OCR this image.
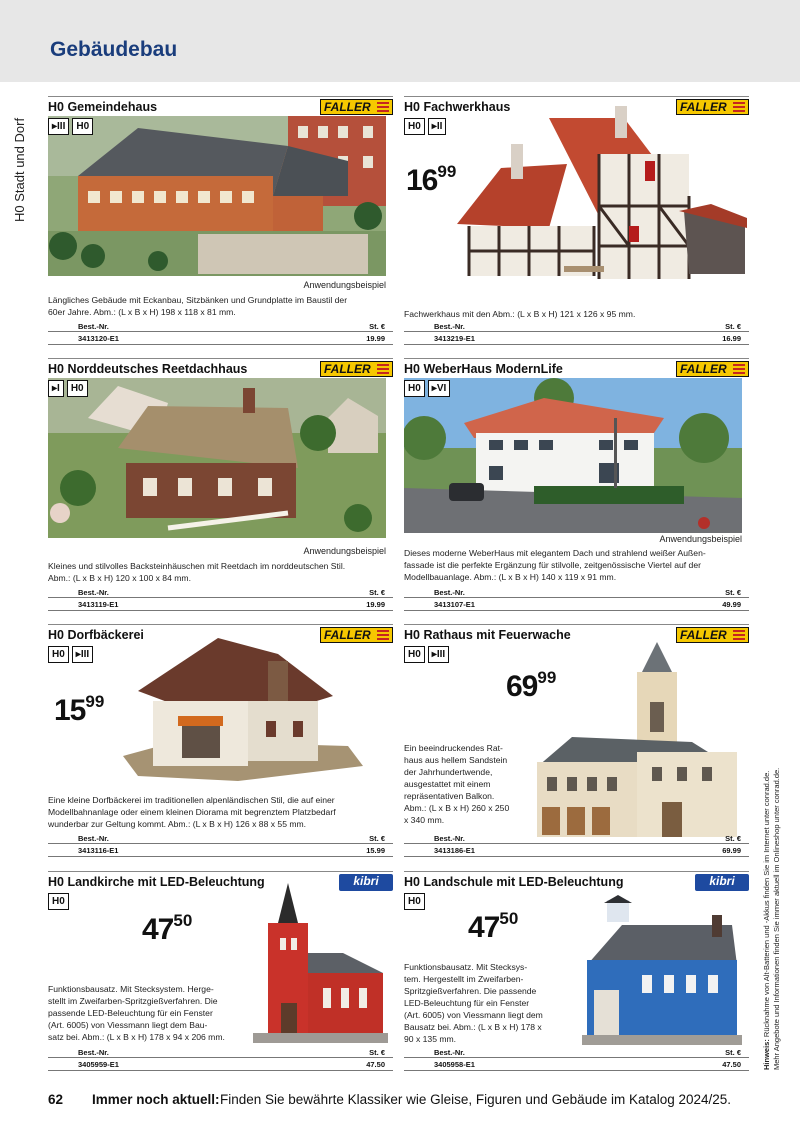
Gebäudebau
H0 Stadt und Dorf
Hinweis: Rücknahme von Alt-Batterien und -Akkus finden Sie im Internet unter conrad.de.
Mehr Angebote und Informationen finden Sie immer aktuell im Onlineshop unter conrad.de.
H0 Gemeindehaus	FALLER
▸III	H0
Anwendungsbeispiel
Längliches Gebäude mit Eckanbau, Sitzbänken und Grundplatte im Baustil der
60er Jahre. Abm.: (L x B x H) 198 x 118 x 81 mm.
Best.-Nr.	St. €
3413120-E1	19.99
H0 Fachwerkhaus	FALLER
H0	▸II
$16^{99}$
Fachwerkhaus mit den Abm.: (L x B x H) 121 x 126 x 95 mm.
Best.-Nr.	St. €
3413219-E1	16.99
H0 Norddeutsches Reetdachhaus	FALLER
▸I	H0
Anwendungsbeispiel
Kleines und stilvolles Backsteinhäuschen mit Reetdach im norddeutschen Stil.
Abm.: (L x B x H) 120 x 100 x 84 mm.
Best.-Nr.	St. €
3413119-E1	19.99
H0 WeberHaus ModernLife	FALLER
H0	▸VI
Anwendungsbeispiel
Dieses moderne WeberHaus mit elegantem Dach und strahlend weißer Außen-
fassade ist die perfekte Ergänzung für stilvolle, zeitgenössische Viertel auf der
Modellbauanlage. Abm.: (L x B x H) 140 x 119 x 91 mm.
Best.-Nr.	St. €
3413107-E1	49.99
H0 Dorfbäckerei	FALLER
H0	▸III
$15^{99}$
Eine kleine Dorfbäckerei im traditionellen alpenländischen Stil, die auf einer
Modellbahnanlage oder einem kleinen Diorama mit begrenztem Platzbedarf
wunderbar zur Geltung kommt. Abm.: (L x B x H) 126 x 88 x 55 mm.
Best.-Nr.	St. €
3413116-E1	15.99
H0 Rathaus mit Feuerwache	FALLER
H0	▸III
$69^{99}$
Ein beeindruckendes Rat-
haus aus hellem Sandstein
der Jahrhundertwende,
ausgestattet mit einem
repräsentativen Balkon.
Abm.: (L x B x H) 260 x 250
x 340 mm.
Best.-Nr.	St. €
3413186-E1	69.99
H0 Landkirche mit LED-Beleuchtung	kibri
H0
$47^{50}$
Funktionsbausatz. Mit Stecksystem. Herge-
stellt im Zweifarben-Spritzgießverfahren. Die
passende LED-Beleuchtung für ein Fenster
(Art. 6005) von Viessmann liegt dem Bau-
satz bei. Abm.: (L x B x H) 178 x 94 x 206 mm.
Best.-Nr.	St. €
3405959-E1	47.50
H0 Landschule mit LED-Beleuchtung	kibri
H0
$47^{50}$
Funktionsbausatz. Mit Stecksys-
tem. Hergestellt im Zweifarben-
Spritzgießverfahren. Die passende
LED-Beleuchtung für ein Fenster
(Art. 6005) von Viessmann liegt dem
Bausatz bei. Abm.: (L x B x H) 178 x
90 x 135 mm.
Best.-Nr.	St. €
3405958-E1	47.50
62 Immer noch aktuell: Finden Sie bewährte Klassiker wie Gleise, Figuren und Gebäude im Katalog 2024/25.
